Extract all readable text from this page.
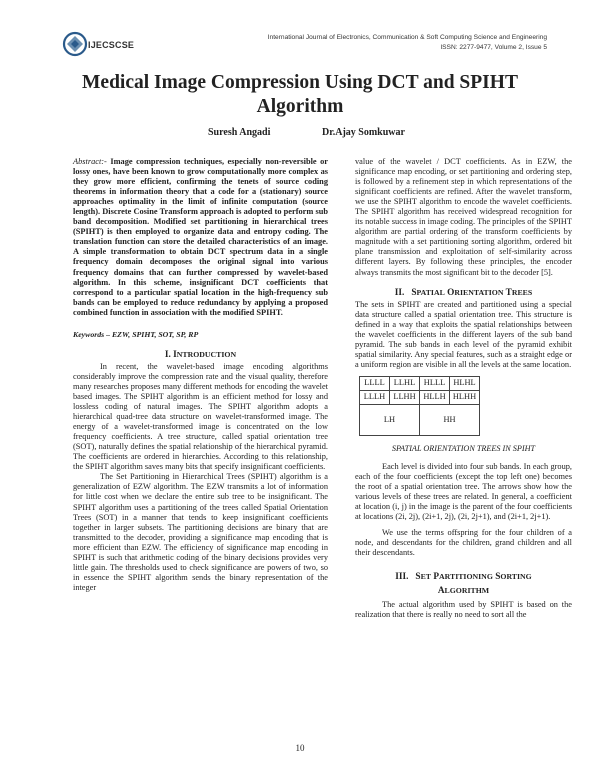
IJECSCSE
International Journal of Electronics, Communication & Soft Computing Science and Engineering
ISSN: 2277-9477, Volume 2, Issue 5
Medical Image Compression Using DCT and SPIHT Algorithm
Suresh Angadi	Dr.Ajay Somkuwar

Abstract:- Image compression techniques, especially non-reversible or lossy ones, have been known to grow computationally more complex as they grow more efficient, confirming the tenets of source coding theorems in information theory that a code for a (stationary) source approaches optimality in the limit of infinite computation (source length). Discrete Cosine Transform approach is adopted to perform sub band decomposition. Modified set partitioning in hierarchical trees (SPIHT) is then employed to organize data and entropy coding. The translation function can store the detailed characteristics of an image. A simple transformation to obtain DCT spectrum data in a single frequency domain decomposes the original signal into various frequency domains that can further compressed by wavelet-based algorithm. In this scheme, insignificant DCT coefficients that correspond to a particular spatial location in the high-frequency sub bands can be employed to reduce redundancy by applying a proposed combined function in association with the modified SPIHT.

Keywords – EZW, SPIHT, SOT, SP, RP

I. INTRODUCTION

In recent, the wavelet-based image encoding algorithms considerably improve the compression rate and the visual quality, therefore many researches proposes many different methods for encoding the wavelet based images. The SPIHT algorithm is an efficient method for lossy and lossless coding of natural images. The SPIHT algorithm adopts a hierarchical quad-tree data structure on wavelet-transformed image. The energy of a wavelet-transformed image is concentrated on the low frequency coefficients. A tree structure, called spatial orientation tree (SOT), naturally defines the spatial relationship of the hierarchical pyramid. The coefficients are ordered in hierarchies. According to this relationship, the SPIHT algorithm saves many bits that specify insignificant coefficients.

The Set Partitioning in Hierarchical Trees (SPIHT) algorithm is a generalization of EZW algorithm. The EZW transmits a lot of information for little cost when we declare the entire sub tree to be insignificant. The SPIHT algorithm uses a partitioning of the trees called Spatial Orientation Trees (SOT) in a manner that tends to keep insignificant coefficients together in larger subsets. The partitioning decisions are binary that are transmitted to the decoder, providing a significance map encoding that is more efficient than EZW. The efficiency of significance map encoding in SPIHT is such that arithmetic coding of the binary decisions provides very little gain. The thresholds used to check significance are powers of two, so in essence the SPIHT algorithm sends the binary representation of the integer

value of the wavelet / DCT coefficients. As in EZW, the significance map encoding, or set partitioning and ordering step, is followed by a refinement step in which representations of the significant coefficients are refined. After the wavelet transform, we use the SPIHT algorithm to encode the wavelet coefficients. The SPIHT algorithm has received widespread recognition for its notable success in image coding. The principles of the SPIHT algorithm are partial ordering of the transform coefficients by magnitude with a set partitioning sorting algorithm, ordered bit plane transmission and exploitation of self-similarity across different layers. By following these principles, the encoder always transmits the most significant bit to the decoder [5].

II. SPATIAL ORIENTATION TREES

The sets in SPIHT are created and partitioned using a special data structure called a spatial orientation tree. This structure is defined in a way that exploits the spatial relationships between the wavelet coefficients in the different layers of the sub band pyramid. The sub bands in each level of the pyramid exhibit spatial similarity. Any special features, such as a straight edge or a uniform region are visible in all the levels at the same location.

LLLL	LLHL	HLLL	HLHL
LLLH	LLHH	HLLH	HLHH
LH		HH	
SPATIAL ORIENTATION TREES IN SPIHT

Each level is divided into four sub bands. In each group, each of the four coefficients (except the top left one) becomes the root of a spatial orientation tree. The arrows show how the various levels of these trees are related. In general, a coefficient at location (i, j) in the image is the parent of the four coefficients at locations (2i, 2j), (2i+1, 2j), (2i, 2j+1), and (2i+1, 2j+1).

We use the terms offspring for the four children of a node, and descendants for the children, grand children and all their descendants.

III. SET PARTITIONING SORTING
ALGORITHM

The actual algorithm used by SPIHT is based on the realization that there is really no need to sort all the

10
